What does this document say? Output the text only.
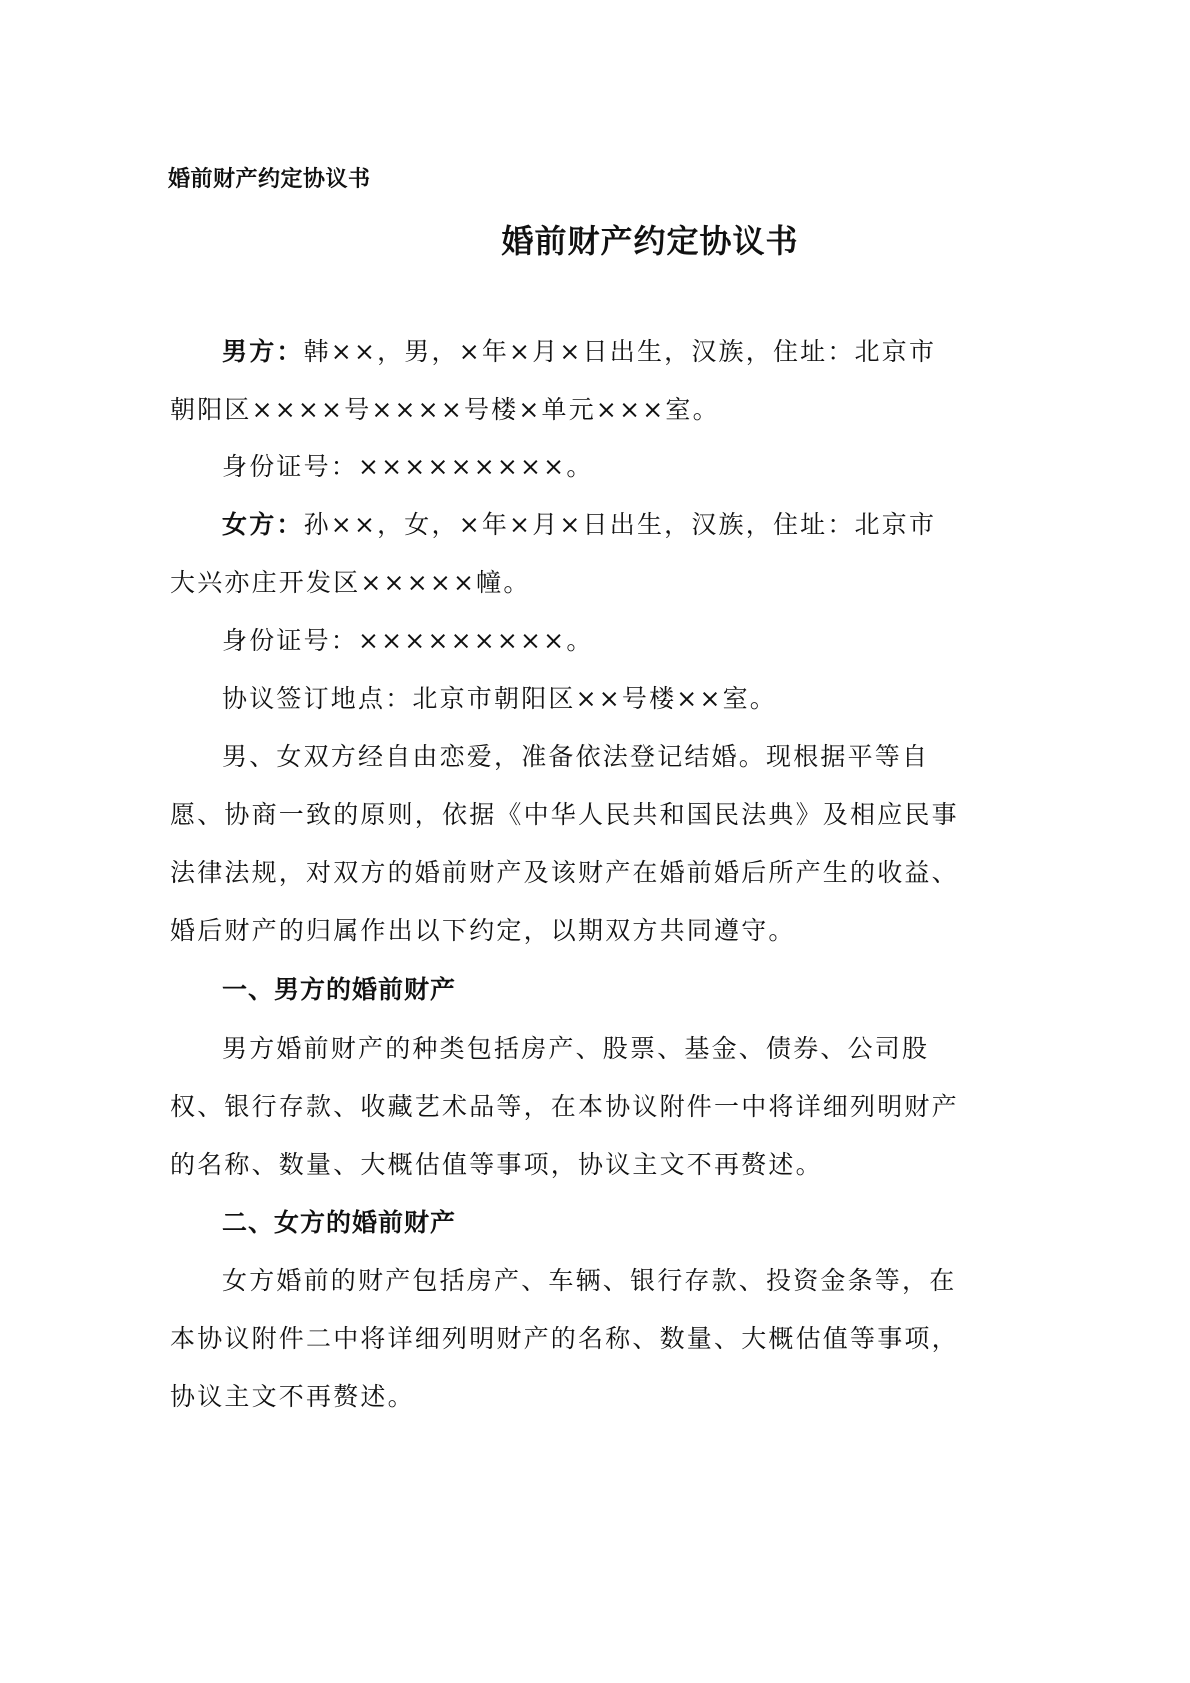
婚前财产约定协议书
婚前财产约定协议书
男方：韩××，男，×年×月×日出生，汉族，住址：北京市
朝阳区××××号××××号楼×单元×××室。
身份证号：×××××××××。
女方：孙××，女，×年×月×日出生，汉族，住址：北京市
大兴亦庄开发区×××××幢。
身份证号：×××××××××。
协议签订地点：北京市朝阳区××号楼××室。
男、女双方经自由恋爱，准备依法登记结婚。现根据平等自
愿、协商一致的原则，依据《中华人民共和国民法典》及相应民事
法律法规，对双方的婚前财产及该财产在婚前婚后所产生的收益、
婚后财产的归属作出以下约定，以期双方共同遵守。
一、男方的婚前财产
男方婚前财产的种类包括房产、股票、基金、债券、公司股
权、银行存款、收藏艺术品等，在本协议附件一中将详细列明财产
的名称、数量、大概估值等事项，协议主文不再赘述。
二、女方的婚前财产
女方婚前的财产包括房产、车辆、银行存款、投资金条等，在
本协议附件二中将详细列明财产的名称、数量、大概估值等事项，
协议主文不再赘述。
